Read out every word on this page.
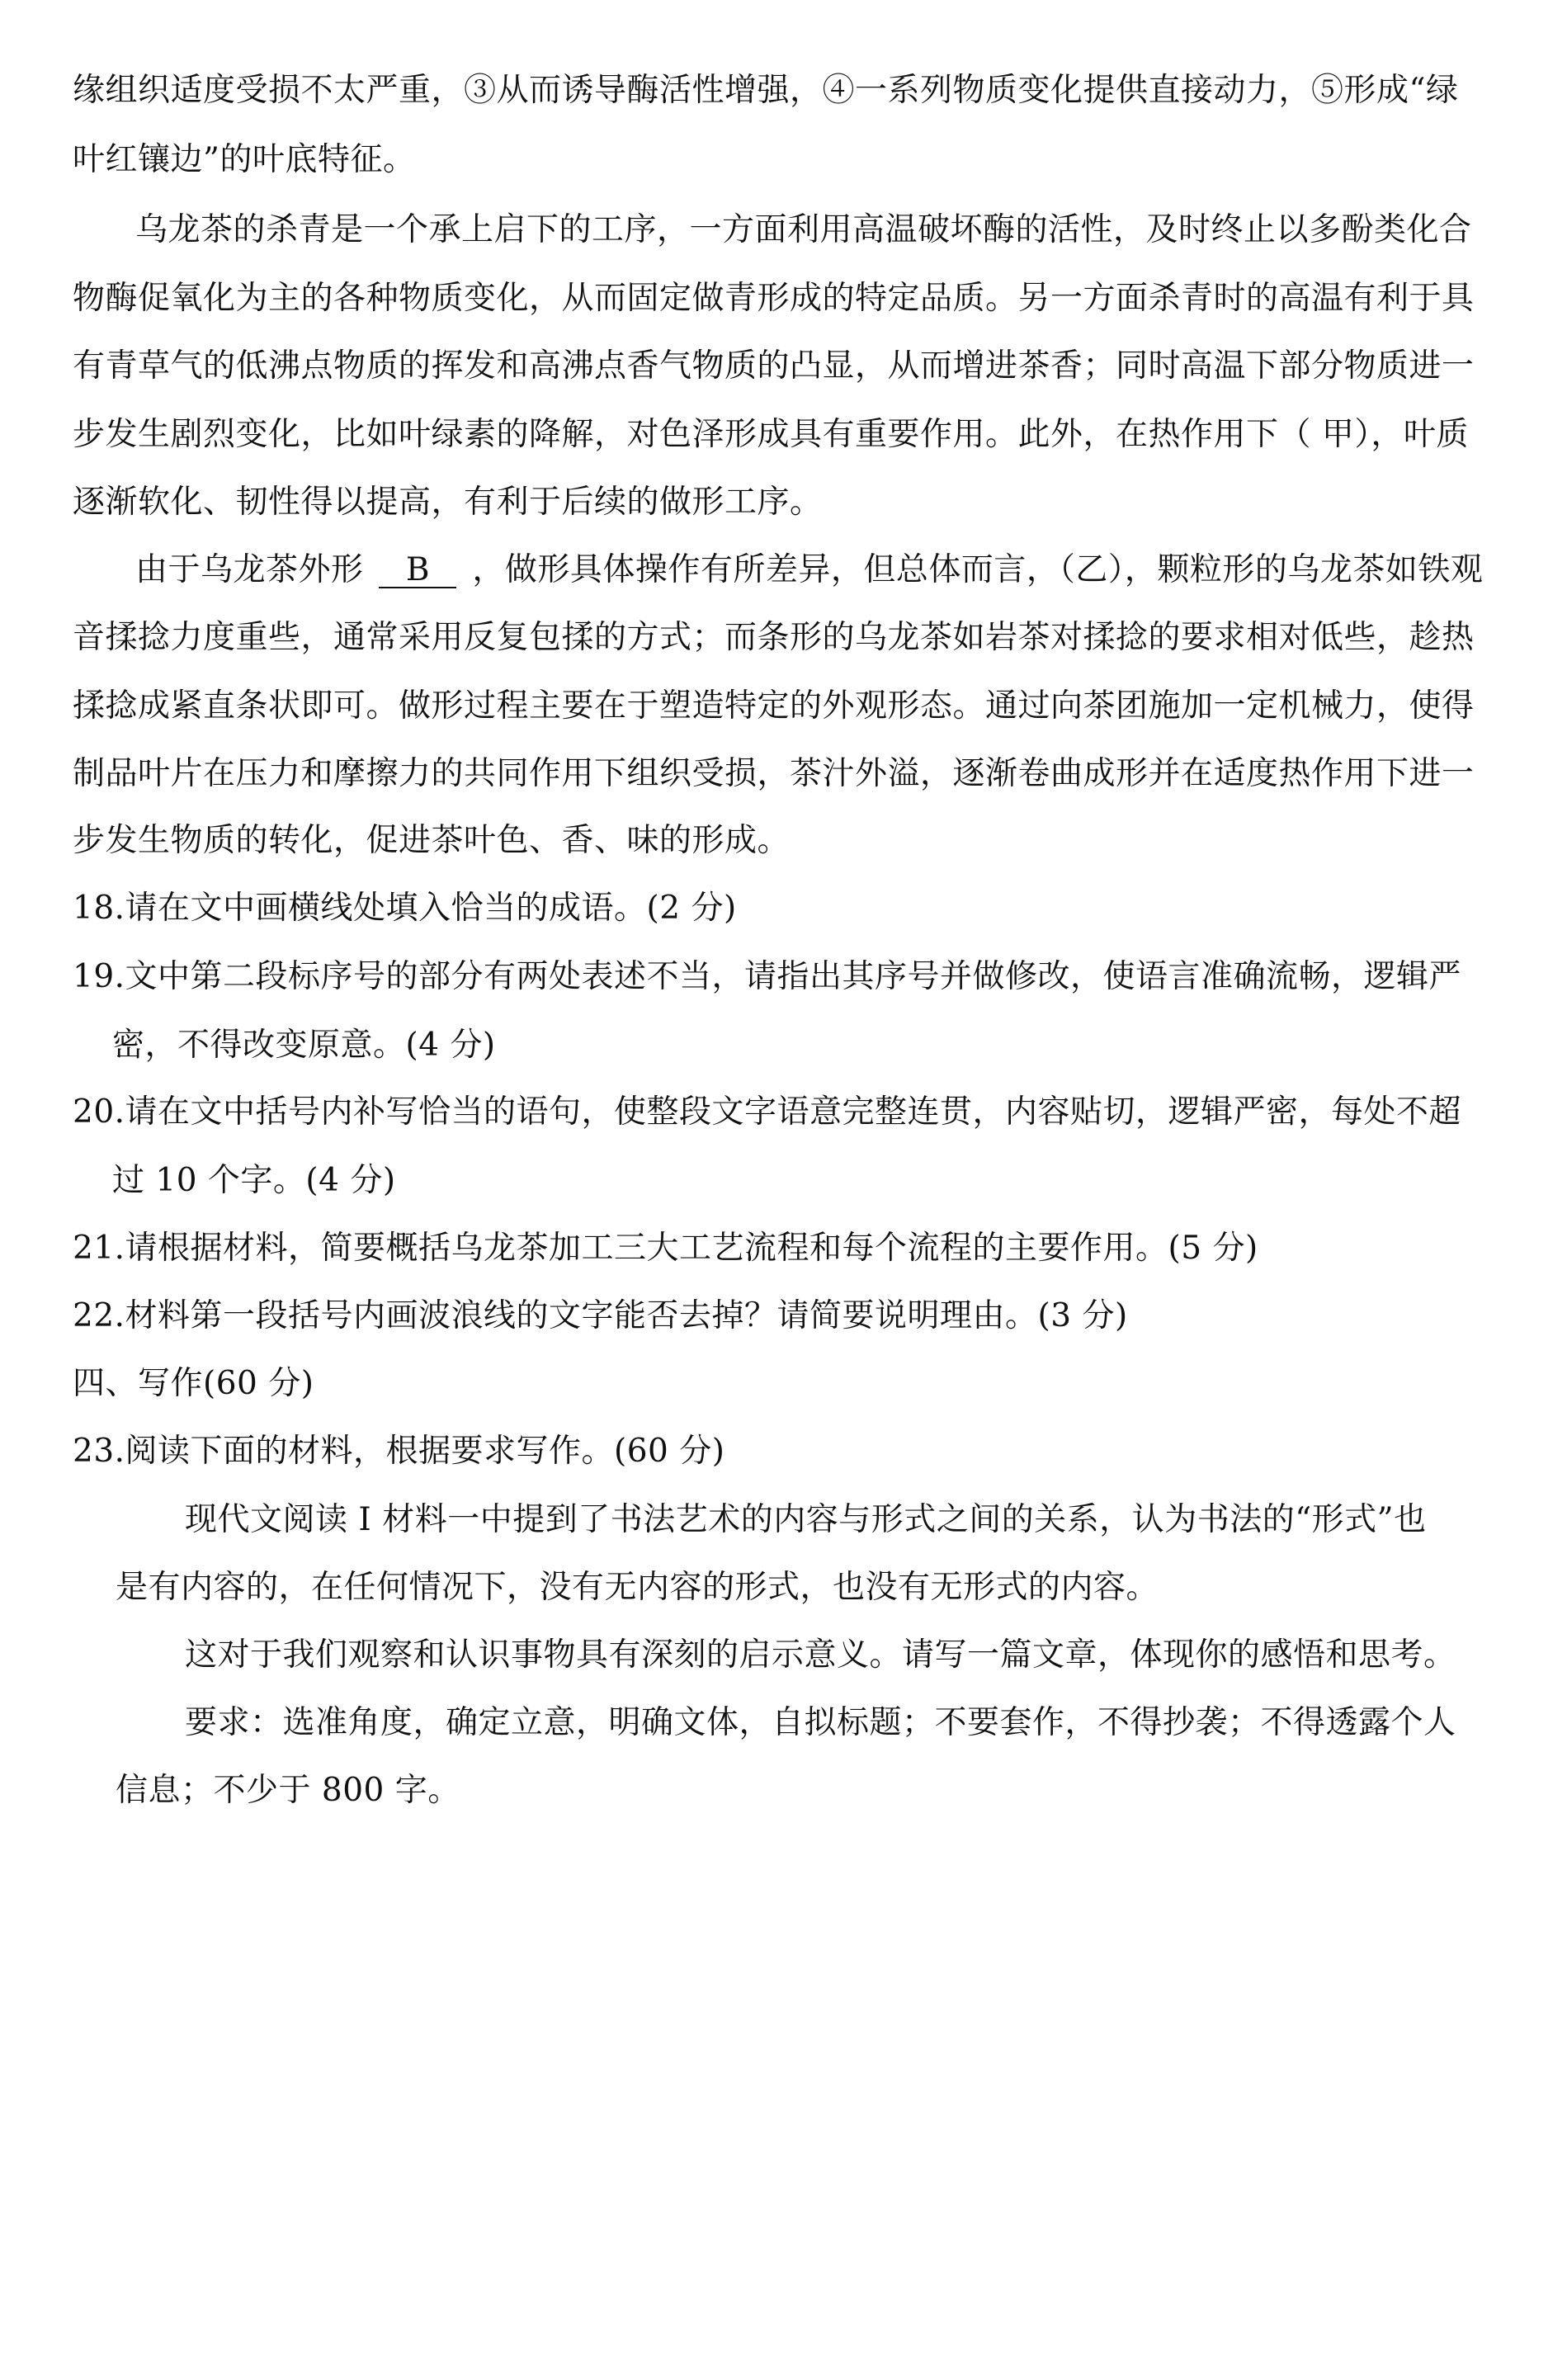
缘组织适度受损不太严重，③从而诱导酶活性增强，④一系列物质变化提供直接动力，⑤形成“绿
叶红镶边”的叶底特征。
乌龙茶的杀青是一个承上启下的工序，一方面利用高温破坏酶的活性，及时终止以多酚类化合
物酶促氧化为主的各种物质变化，从而固定做青形成的特定品质。另一方面杀青时的高温有利于具
有青草气的低沸点物质的挥发和高沸点香气物质的凸显，从而增进茶香；同时高温下部分物质进一
步发生剧烈变化，比如叶绿素的降解，对色泽形成具有重要作用。此外，在热作用下（ 甲），叶质
逐渐软化、韧性得以提高，有利于后续的做形工序。
由于乌龙茶外形 B ，做形具体操作有所差异，但总体而言，（乙），颗粒形的乌龙茶如铁观
音揉捻力度重些，通常采用反复包揉的方式；而条形的乌龙茶如岩茶对揉捻的要求相对低些，趁热
揉捻成紧直条状即可。做形过程主要在于塑造特定的外观形态。通过向茶团施加一定机械力，使得
制品叶片在压力和摩擦力的共同作用下组织受损，茶汁外溢，逐渐卷曲成形并在适度热作用下进一
步发生物质的转化，促进茶叶色、香、味的形成。
18.请在文中画横线处填入恰当的成语。(2 分)
19.文中第二段标序号的部分有两处表述不当，请指出其序号并做修改，使语言准确流畅，逻辑严
密，不得改变原意。(4 分)
20.请在文中括号内补写恰当的语句，使整段文字语意完整连贯，内容贴切，逻辑严密，每处不超
过 10 个字。(4 分)
21.请根据材料，简要概括乌龙茶加工三大工艺流程和每个流程的主要作用。(5 分)
22.材料第一段括号内画波浪线的文字能否去掉？请简要说明理由。(3 分)
四、写作(60 分)
23.阅读下面的材料，根据要求写作。(60 分)
现代文阅读 I 材料一中提到了书法艺术的内容与形式之间的关系，认为书法的“形式”也
是有内容的，在任何情况下，没有无内容的形式，也没有无形式的内容。
这对于我们观察和认识事物具有深刻的启示意义。请写一篇文章，体现你的感悟和思考。
要求：选准角度，确定立意，明确文体，自拟标题；不要套作，不得抄袭；不得透露个人
信息；不少于 800 字。
